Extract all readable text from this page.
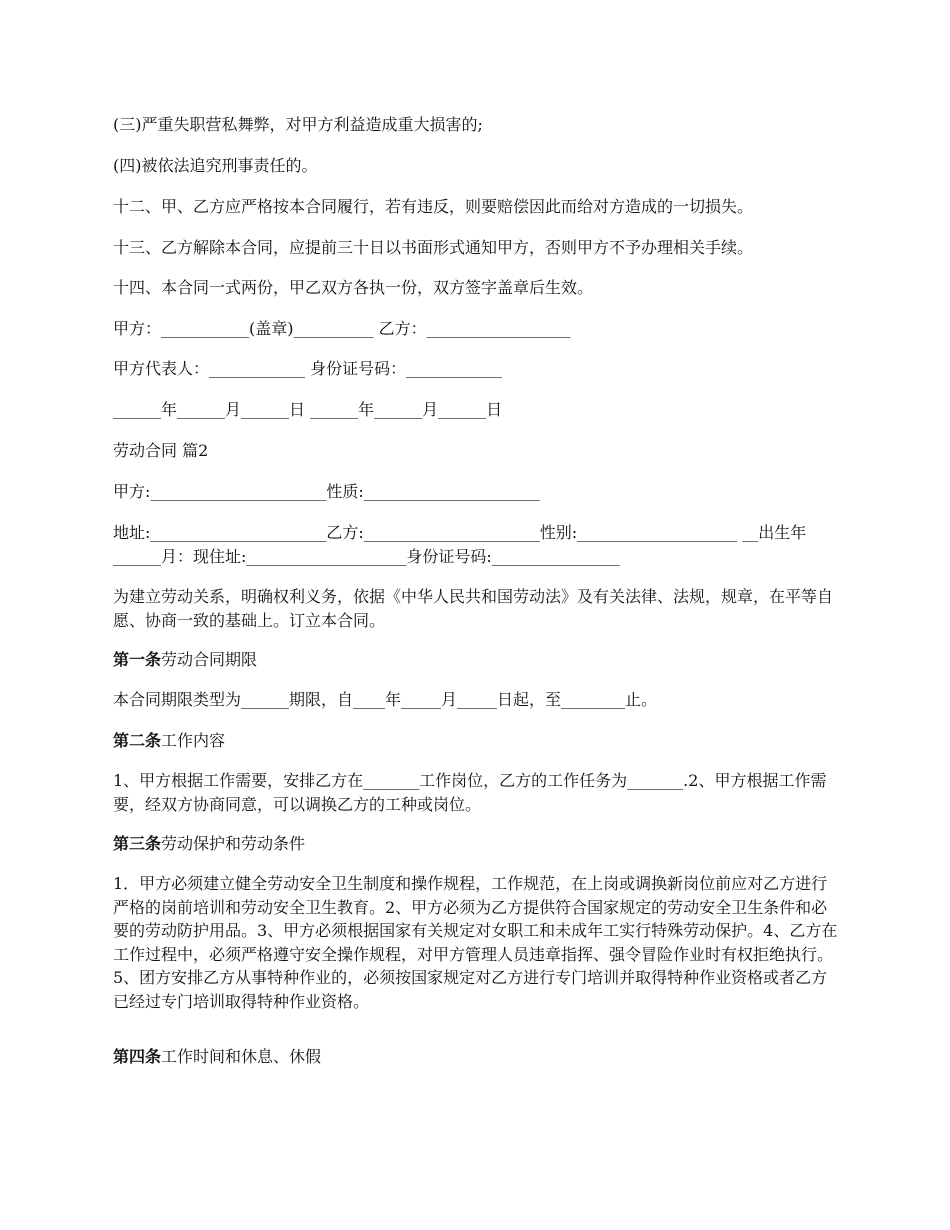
(三)严重失职营私舞弊，对甲方利益造成重大损害的;
(四)被依法追究刑事责任的。
十二、甲、乙方应严格按本合同履行，若有违反，则要赔偿因此而给对方造成的一切损失。
十三、乙方解除本合同，应提前三十日以书面形式通知甲方，否则甲方不予办理相关手续。
十四、本合同一式两份，甲乙双方各执一份，双方签字盖章后生效。
甲方：___________(盖章)__________ 乙方：__________________
甲方代表人：____________ 身份证号码：____________
______年______月______日 ______年______月______日
劳动合同 篇2
甲方:______________________性质:______________________
地址:______________________乙方:______________________性别:____________________ __出生年______月：现住址:____________________身份证号码:________________
为建立劳动关系，明确权利义务，依据《中华人民共和国劳动法》及有关法律、法规，规章，在平等自愿、协商一致的基础上。订立本合同。
第一条劳动合同期限
本合同期限类型为______期限，自____年_____月_____日起，至________止。
第二条工作内容
1、甲方根据工作需要，安排乙方在_______工作岗位，乙方的工作任务为_______.2、甲方根据工作需要，经双方协商同意，可以调换乙方的工种或岗位。
第三条劳动保护和劳动条件
1．甲方必须建立健全劳动安全卫生制度和操作规程，工作规范，在上岗或调换新岗位前应对乙方进行严格的岗前培训和劳动安全卫生教育。2、甲方必须为乙方提供符合国家规定的劳动安全卫生条件和必要的劳动防护用品。3、甲方必须根据国家有关规定对女职工和未成年工实行特殊劳动保护。4、乙方在工作过程中，必须严格遵守安全操作规程，对甲方管理人员违章指挥、强令冒险作业时有权拒绝执行。5、团方安排乙方从事特种作业的，必须按国家规定对乙方进行专门培训并取得特种作业资格或者乙方已经过专门培训取得特种作业资格。
第四条工作时间和休息、休假
